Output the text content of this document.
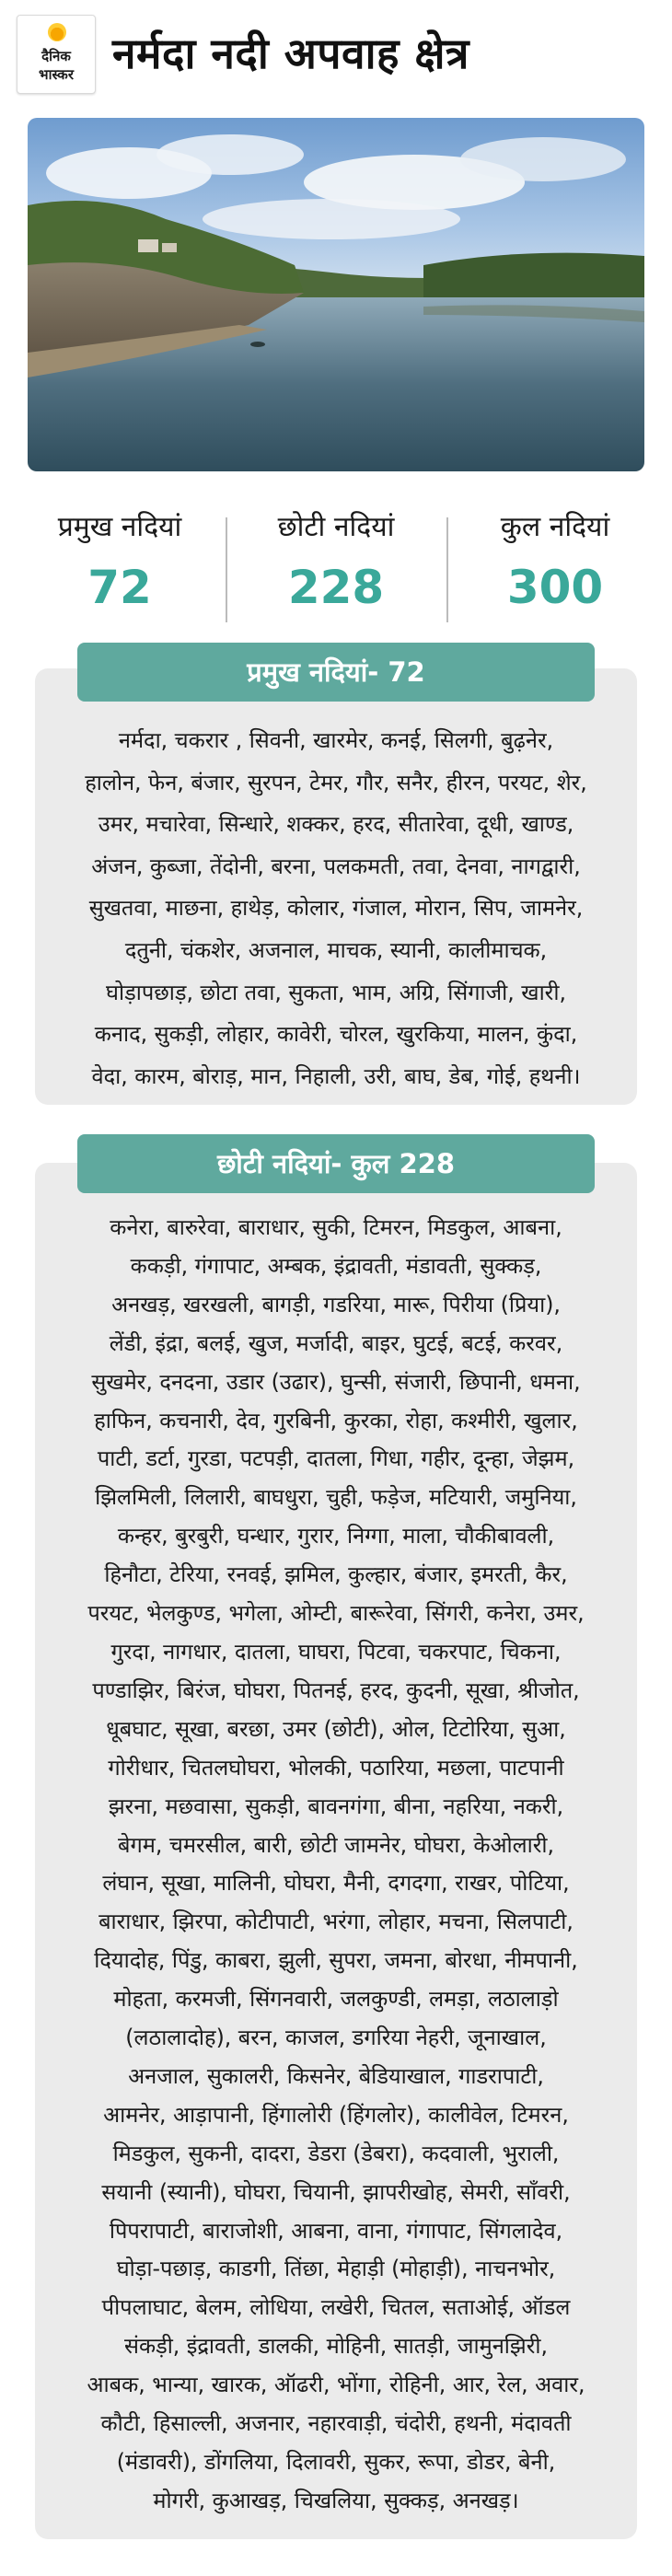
दैनिक
भास्कर नर्मदा नदी अपवाह क्षेत्र
प्रमुख नदियां
72
छोटी नदियां
228
कुल नदियां
300
नर्मदा, चकरार , सिवनी, खारमेर, कनई, सिलगी, बुढ़नेर,
हालोन, फेन, बंजार, सुरपन, टेमर, गौर, सनैर, हीरन, परयट, शेर,
उमर, मचारेवा, सिन्धारे, शक्कर, हरद, सीतारेवा, दूधी, खाण्ड,
अंजन, कुब्जा, तेंदोनी, बरना, पलकमती, तवा, देनवा, नागद्वारी,
सुखतवा, माछना, हाथेड़, कोलार, गंजाल, मोरान, सिप, जामनेर,
दतुनी, चंकशेर, अजनाल, माचक, स्यानी, कालीमाचक,
घोड़ापछाड़, छोटा तवा, सुकता, भाम, अग्रि, सिंगाजी, खारी,
कनाद, सुकड़ी, लोहार, कावेरी, चोरल, खुरकिया, मालन, कुंदा,
वेदा, कारम, बोराड़, मान, निहाली, उरी, बाघ, डेब, गोई, हथनी।
प्रमुख नदियां- 72
कनेरा, बारुरेवा, बाराधार, सुकी, टिमरन, मिडकुल, आबना,
ककड़ी, गंगापाट, अम्बक, इंद्रावती, मंडावती, सुक्कड़,
अनखड़, खरखली, बागड़ी, गडरिया, मारू, पिरीया (प्रिया),
लेंडी, इंद्रा, बलई, खुज, मर्जादी, बाइर, घुटई, बटई, करवर,
सुखमेर, दनदना, उडार (उढार), घुन्सी, संजारी, छिपानी, धमना,
हाफिन, कचनारी, देव, गुरबिनी, कुरका, रोहा, कश्मीरी, खुलार,
पाटी, डर्टा, गुरडा, पटपड़ी, दातला, गिधा, गहीर, दून्हा, जेझम,
झिलमिली, लिलारी, बाघधुरा, चुही, फड़ेज, मटियारी, जमुनिया,
कन्हर, बुरबुरी, घन्धार, गुरार, निग्गा, माला, चौकीबावली,
हिनौटा, टेरिया, रनवई, झमिल, कुल्हार, बंजार, इमरती, कैर,
परयट, भेलकुण्ड, भगेला, ओम्टी, बारूरेवा, सिंगरी, कनेरा, उमर,
गुरदा, नागधार, दातला, घाघरा, पिटवा, चकरपाट, चिकना,
पण्डाझिर, बिरंज, घोघरा, पितनई, हरद, कुदनी, सूखा, श्रीजोत,
धूबघाट, सूखा, बरछा, उमर (छोटी), ओल, टिटोरिया, सुआ,
गोरीधार, चितलघोघरा, भोलकी, पठारिया, मछला, पाटपानी
झरना, मछवासा, सुकड़ी, बावनगंगा, बीना, नहरिया, नकरी,
बेगम, चमरसील, बारी, छोटी जामनेर, घोघरा, केओलारी,
लंघान, सूखा, मालिनी, घोघरा, मैनी, दगदगा, राखर, पोटिया,
बाराधार, झिरपा, कोटीपाटी, भरंगा, लोहार, मचना, सिलपाटी,
दियादोह, पिंडु, काबरा, झुली, सुपरा, जमना, बोरधा, नीमपानी,
मोहता, करमजी, सिंगनवारी, जलकुण्डी, लमड़ा, लठालाड़ो
(लठालादोह), बरन, काजल, डगरिया नेहरी, जूनाखाल,
अनजाल, सुकालरी, किसनेर, बेडियाखाल, गाडरापाटी,
आमनेर, आड़ापानी, हिंगालोरी (हिंगलोर), कालीवेल, टिमरन,
मिडकुल, सुकनी, दादरा, डेडरा (डेबरा), कदवाली, भुराली,
सयानी (स्यानी), घोघरा, चियानी, झापरीखोह, सेमरी, साँवरी,
पिपरापाटी, बाराजोशी, आबना, वाना, गंगापाट, सिंगलादेव,
घोड़ा-पछाड़, काडगी, तिंछा, मेहाड़ी (मोहाड़ी), नाचनभोर,
पीपलाघाट, बेलम, लोधिया, लखेरी, चितल, सताओई, ऑडल
संकड़ी, इंद्रावती, डालकी, मोहिनी, सातड़ी, जामुनझिरी,
आबक, भान्या, खारक, ऑढरी, भोंगा, रोहिनी, आर, रेल, अवार,
कौटी, हिसाल्ली, अजनार, नहारवाड़ी, चंदोरी, हथनी, मंदावती
(मंडावरी), डोंगलिया, दिलावरी, सुकर, रूपा, डोडर, बेनी,
मोगरी, कुआखड़, चिखलिया, सुक्कड़, अनखड़।
छोटी नदियां- कुल 228
